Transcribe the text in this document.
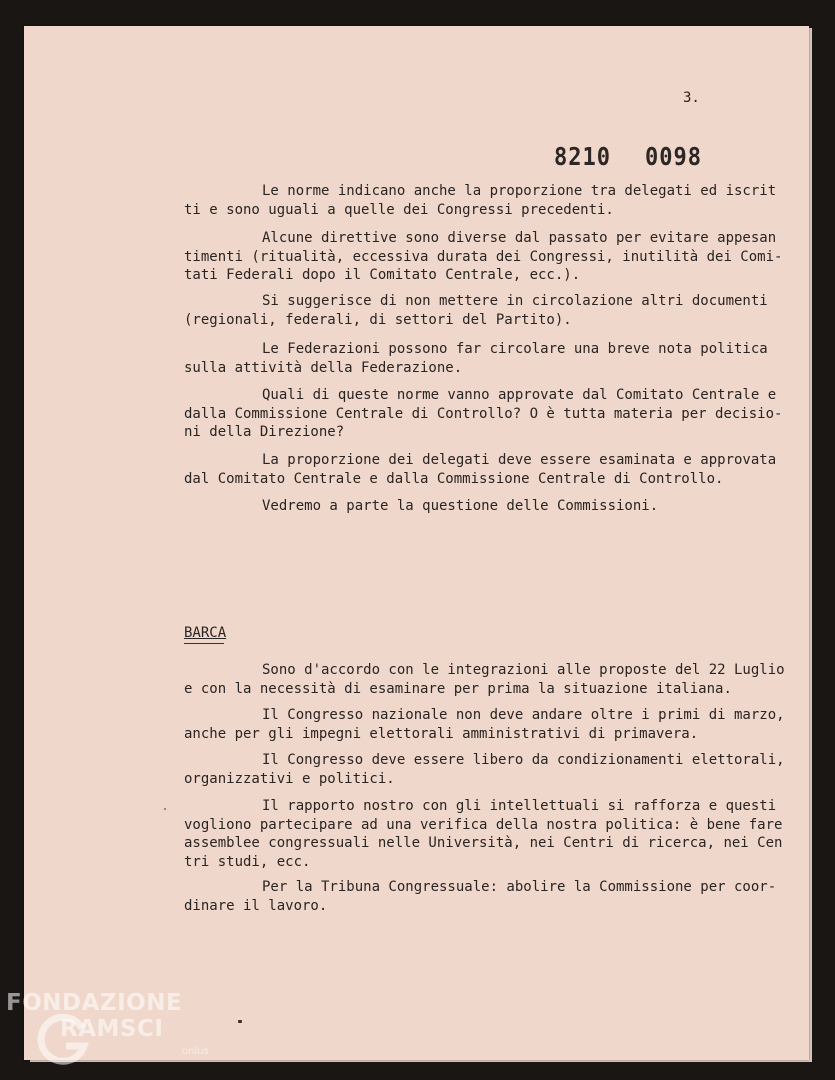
3.
8210 0098
Le norme indicano anche la proporzione tra delegati ed iscrit
ti e sono uguali a quelle dei Congressi precedenti.
Alcune direttive sono diverse dal passato per evitare appesan
timenti (ritualità, eccessiva durata dei Congressi, inutilità dei Comi-
tati Federali dopo il Comitato Centrale, ecc.).
Si suggerisce di non mettere in circolazione altri documenti
(regionali, federali, di settori del Partito).
Le Federazioni possono far circolare una breve nota politica
sulla attività della Federazione.
Quali di queste norme vanno approvate dal Comitato Centrale e
dalla Commissione Centrale di Controllo? O è tutta materia per decisio-
ni della Direzione?
La proporzione dei delegati deve essere esaminata e approvata
dal Comitato Centrale e dalla Commissione Centrale di Controllo.
Vedremo a parte la questione delle Commissioni.
BARCA
Sono d'accordo con le integrazioni alle proposte del 22 Luglio
e con la necessità di esaminare per prima la situazione italiana.
Il Congresso nazionale non deve andare oltre i primi di marzo,
anche per gli impegni elettorali amministrativi di primavera.
Il Congresso deve essere libero da condizionamenti elettorali,
organizzativi e politici.
Il rapporto nostro con gli intellettuali si rafforza e questi
vogliono partecipare ad una verifica della nostra politica: è bene fare
assemblee congressuali nelle Università, nei Centri di ricerca, nei Cen
tri studi, ecc.
Per la Tribuna Congressuale: abolire la Commissione per coor-
dinare il lavoro.
FONDAZIONE
RAMSCI
onlus
